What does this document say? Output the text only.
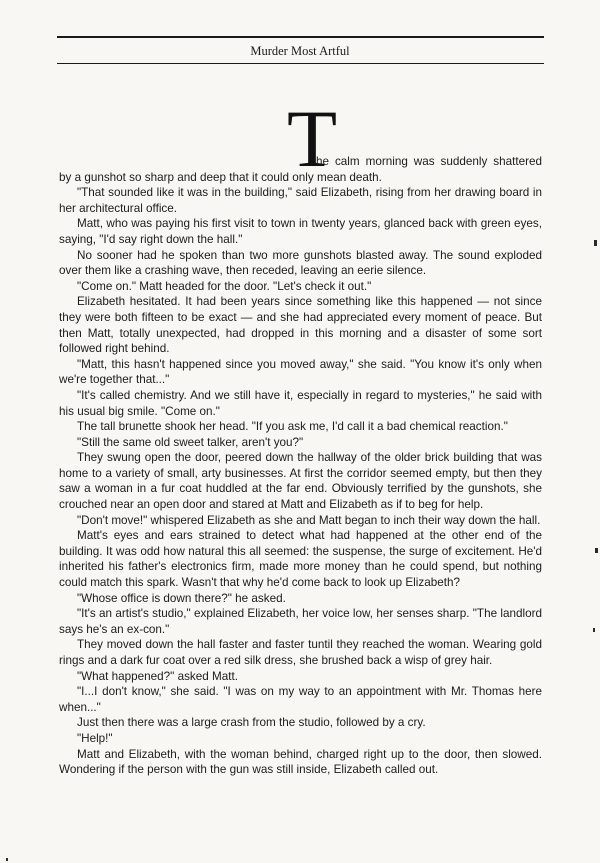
Murder Most Artful
T

he calm morning was suddenly shattered by a gunshot so sharp and deep that it could only mean death.

"That sounded like it was in the building," said Elizabeth, rising from her drawing board in her architectural office.

Matt, who was paying his first visit to town in twenty years, glanced back with green eyes, saying, "I'd say right down the hall."

No sooner had he spoken than two more gunshots blasted away. The sound exploded over them like a crashing wave, then receded, leaving an eerie silence.

"Come on." Matt headed for the door. "Let's check it out."

Elizabeth hesitated. It had been years since something like this happened — not since they were both fifteen to be exact — and she had appreciated every moment of peace. But then Matt, totally unexpected, had dropped in this morning and a disaster of some sort followed right behind.

"Matt, this hasn't happened since you moved away," she said. "You know it's only when we're together that..."

"It's called chemistry. And we still have it, especially in regard to mysteries," he said with his usual big smile. "Come on."

The tall brunette shook her head. "If you ask me, I'd call it a bad chemical reaction."

"Still the same old sweet talker, aren't you?"

They swung open the door, peered down the hallway of the older brick building that was home to a variety of small, arty businesses. At first the corridor seemed empty, but then they saw a woman in a fur coat huddled at the far end. Obviously terrified by the gunshots, she crouched near an open door and stared at Matt and Elizabeth as if to beg for help.

"Don't move!" whispered Elizabeth as she and Matt began to inch their way down the hall.

Matt's eyes and ears strained to detect what had happened at the other end of the building. It was odd how natural this all seemed: the suspense, the surge of excitement. He'd inherited his father's electronics firm, made more money than he could spend, but nothing could match this spark. Wasn't that why he'd come back to look up Elizabeth?

"Whose office is down there?" he asked.

"It's an artist's studio," explained Elizabeth, her voice low, her senses sharp. "The landlord says he's an ex-con."

They moved down the hall faster and faster tuntil they reached the woman. Wearing gold rings and a dark fur coat over a red silk dress, she brushed back a wisp of grey hair.

"What happened?" asked Matt.

"I...I don't know," she said. "I was on my way to an appointment with Mr. Thomas here when..."

Just then there was a large crash from the studio, followed by a cry.

"Help!"

Matt and Elizabeth, with the woman behind, charged right up to the door, then slowed. Wondering if the person with the gun was still inside, Elizabeth called out.
